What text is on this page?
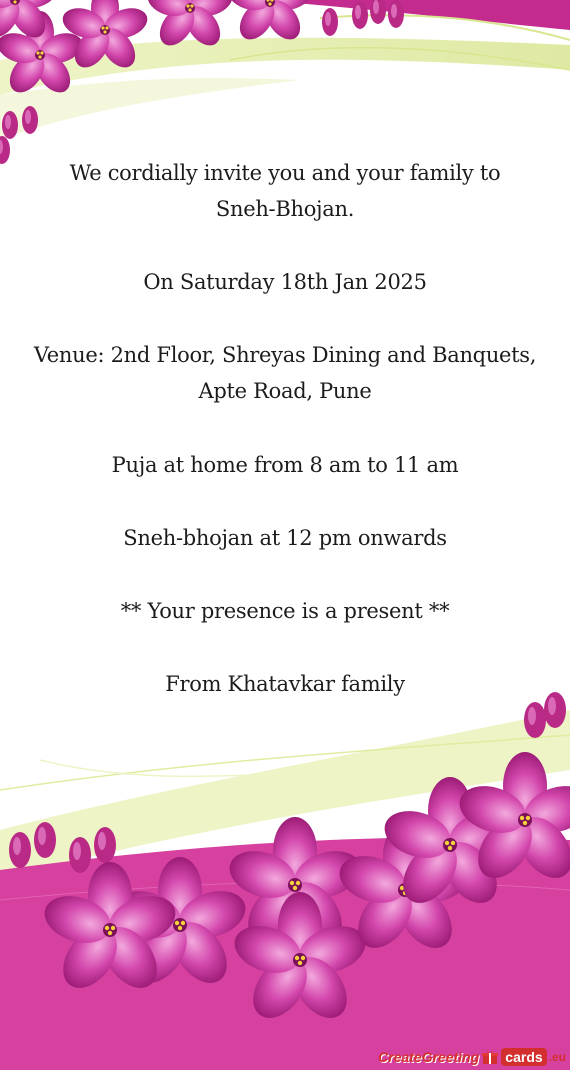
We cordially invite you and your family to
Sneh-Bhojan.
On Saturday 18th Jan 2025
Venue: 2nd Floor, Shreyas Dining and Banquets,
Apte Road, Pune
Puja at home from 8 am to 11 am
Sneh-bhojan at 12 pm onwards
** Your presence is a present **
From Khatavkar family
CreateGreeting cards .eu
